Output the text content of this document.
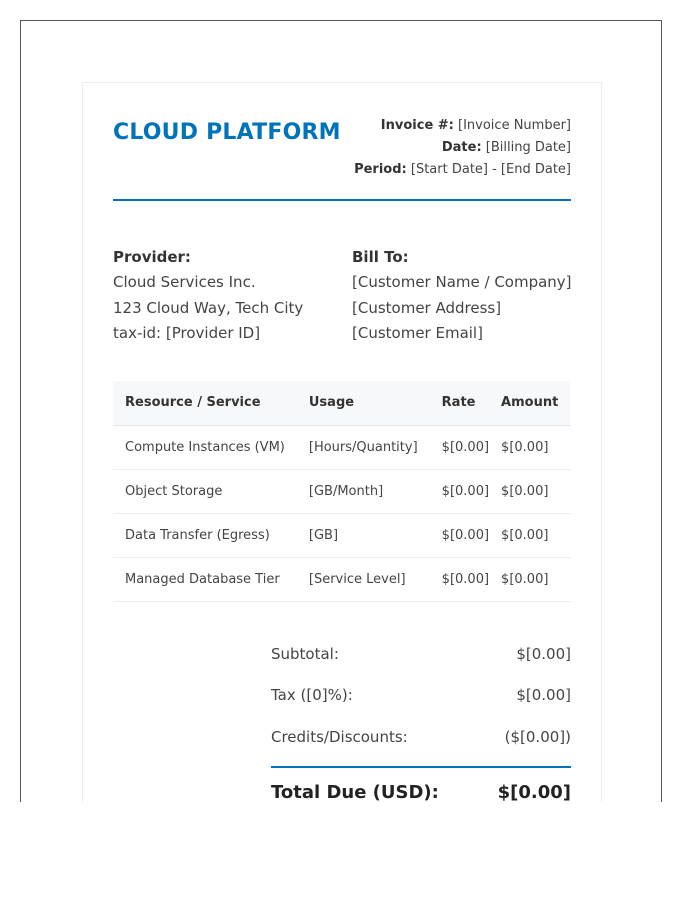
CLOUD PLATFORM	Invoice #: [Invoice Number]
Date: [Billing Date]
Period: [Start Date] - [End Date]
Provider:
Cloud Services Inc.
123 Cloud Way, Tech City
tax-id: [Provider ID]
Bill To:
[Customer Name / Company]
[Customer Address]
[Customer Email]
Resource / Service	Usage	Rate	Amount
Compute Instances (VM)	[Hours/Quantity]	$[0.00]	$[0.00]
Object Storage	[GB/Month]	$[0.00]	$[0.00]
Data Transfer (Egress)	[GB]	$[0.00]	$[0.00]
Managed Database Tier	[Service Level]	$[0.00]	$[0.00]
Subtotal:	$[0.00]
Tax ([0]%):	$[0.00]
Credits/Discounts:	($[0.00])
Total Due (USD):	$[0.00]
